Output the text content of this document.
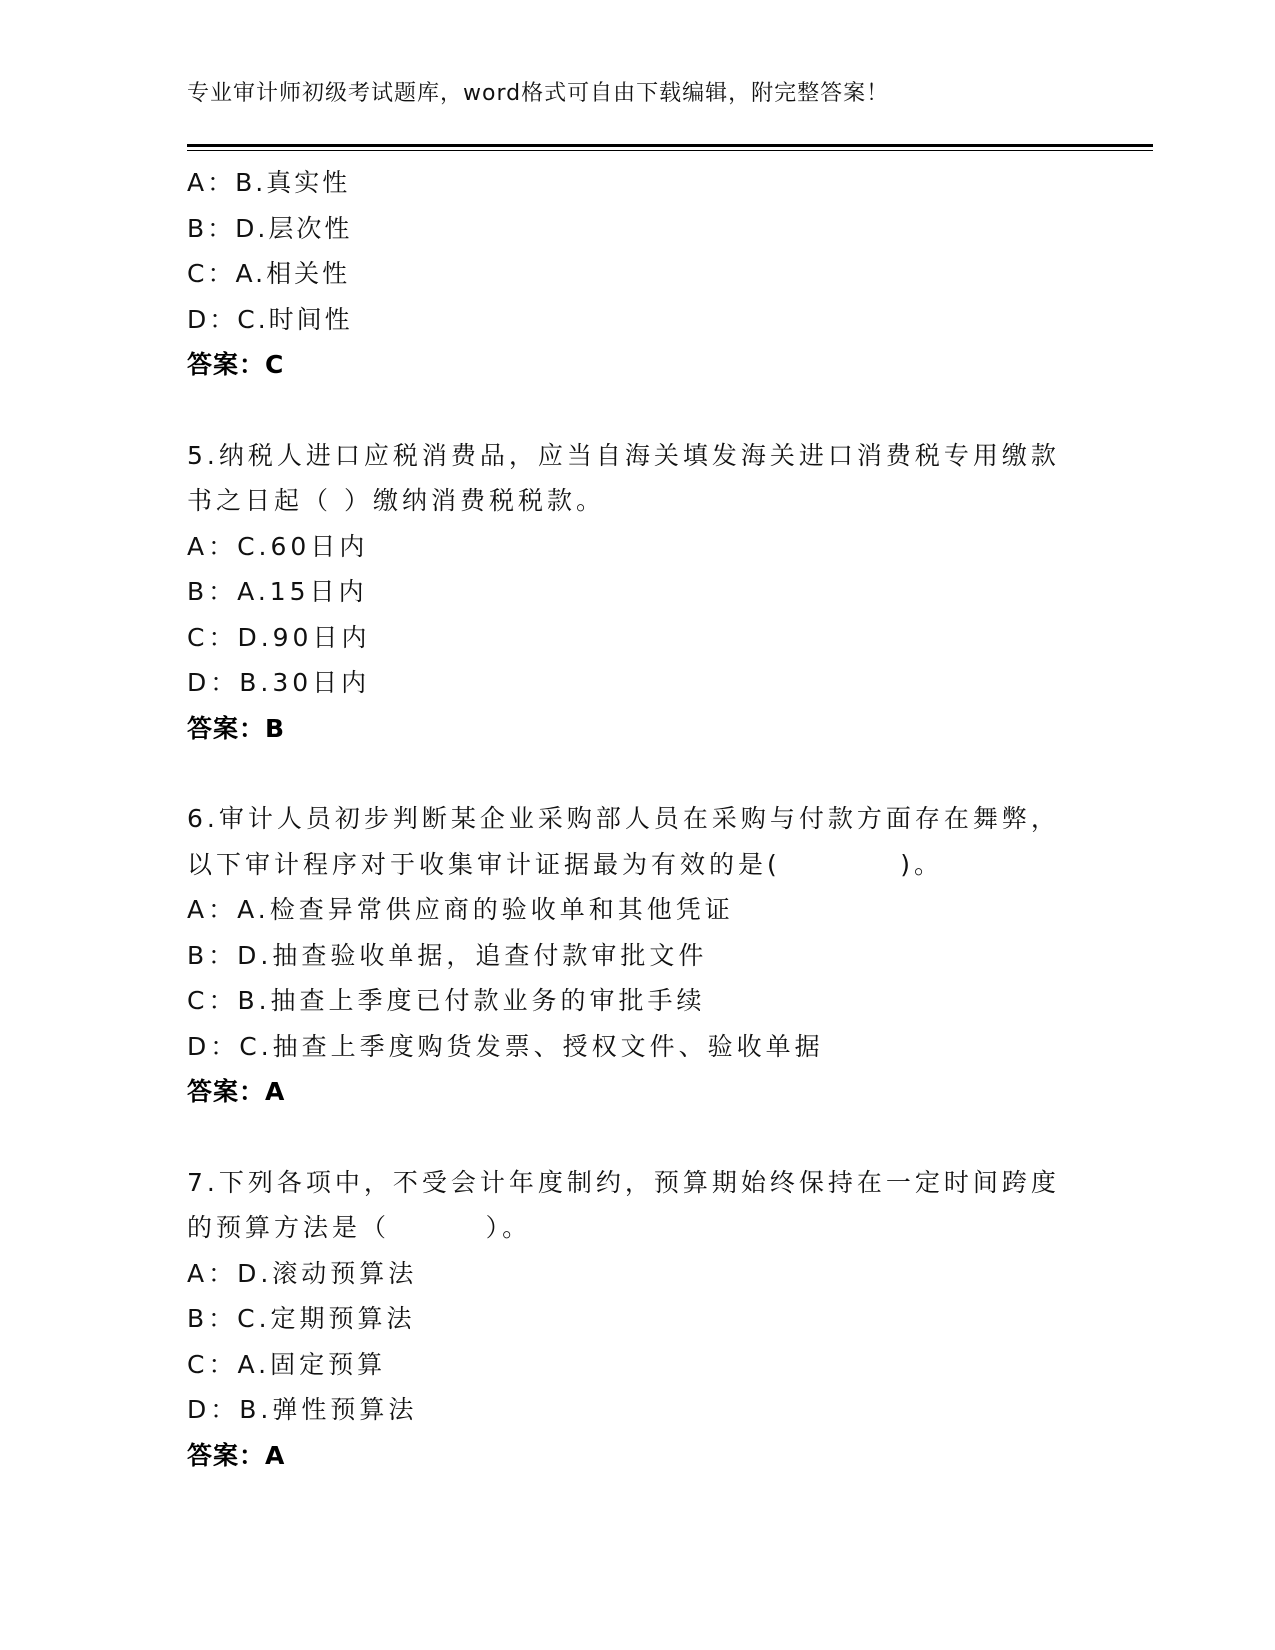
专业审计师初级考试题库，word格式可自由下载编辑，附完整答案！
A：B.真实性
B：D.层次性
C：A.相关性
D：C.时间性
答案：C
5.纳税人进口应税消费品，应当自海关填发海关进口消费税专用缴款
书之日起（ ）缴纳消费税税款。
A：C.60日内
B：A.15日内
C：D.90日内
D：B.30日内
答案：B
6.审计人员初步判断某企业采购部人员在采购与付款方面存在舞弊，
以下审计程序对于收集审计证据最为有效的是(          )。
A：A.检查异常供应商的验收单和其他凭证
B：D.抽查验收单据，追查付款审批文件
C：B.抽查上季度已付款业务的审批手续
D：C.抽查上季度购货发票、授权文件、验收单据
答案：A
7.下列各项中，不受会计年度制约，预算期始终保持在一定时间跨度
的预算方法是（        ）。
A：D.滚动预算法
B：C.定期预算法
C：A.固定预算
D：B.弹性预算法
答案：A
